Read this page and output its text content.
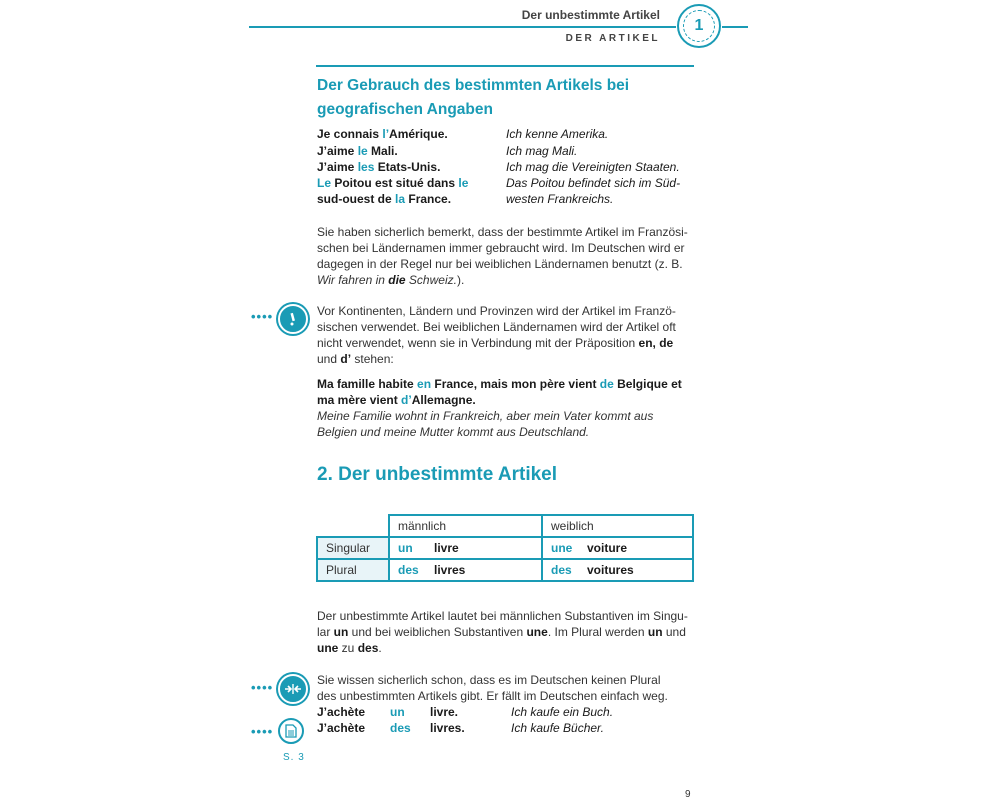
Der unbestimmte Artikel
DER ARTIKEL
1
Der Gebrauch des bestimmten Artikels bei geografischen Angaben
Je connais l’Amérique.	Ich kenne Amerika.
J’aime le Mali.	Ich mag Mali.
J’aime les Etats-Unis.	Ich mag die Vereinigten Staaten.
Le Poitou est situé dans le	Das Poitou befindet sich im Süd-
sud-ouest de la France.	westen Frankreichs.
Sie haben sicherlich bemerkt, dass der bestimmte Artikel im Französi-schen bei Ländernamen immer gebraucht wird. Im Deutschen wird er dagegen in der Regel nur bei weiblichen Ländernamen benutzt (z. B. Wir fahren in die Schweiz.).
••••	Vor Kontinenten, Ländern und Provinzen wird der Artikel im Franzö-sischen verwendet. Bei weiblichen Ländernamen wird der Artikel oft nicht verwendet, wenn sie in Verbindung mit der Präposition en, de und d’ stehen:
Ma famille habite en France, mais mon père vient de Belgique et ma mère vient d’Allemagne.
Meine Familie wohnt in Frankreich, aber mein Vater kommt aus Belgien und meine Mutter kommt aus Deutschland.
2. Der unbestimmte Artikel
	männlich	weiblich
Singular	un livre	une voiture
Plural	des livres	des voitures
Der unbestimmte Artikel lautet bei männlichen Substantiven im Singu-lar un und bei weiblichen Substantiven une. Im Plural werden un und une zu des.
••••	Sie wissen sicherlich schon, dass es im Deutschen keinen Plural des unbestimmten Artikels gibt. Er fällt im Deutschen einfach weg.
J’achète un livre.	Ich kaufe ein Buch.
J’achète des livres.	Ich kaufe Bücher.
••••
S. 3
9
